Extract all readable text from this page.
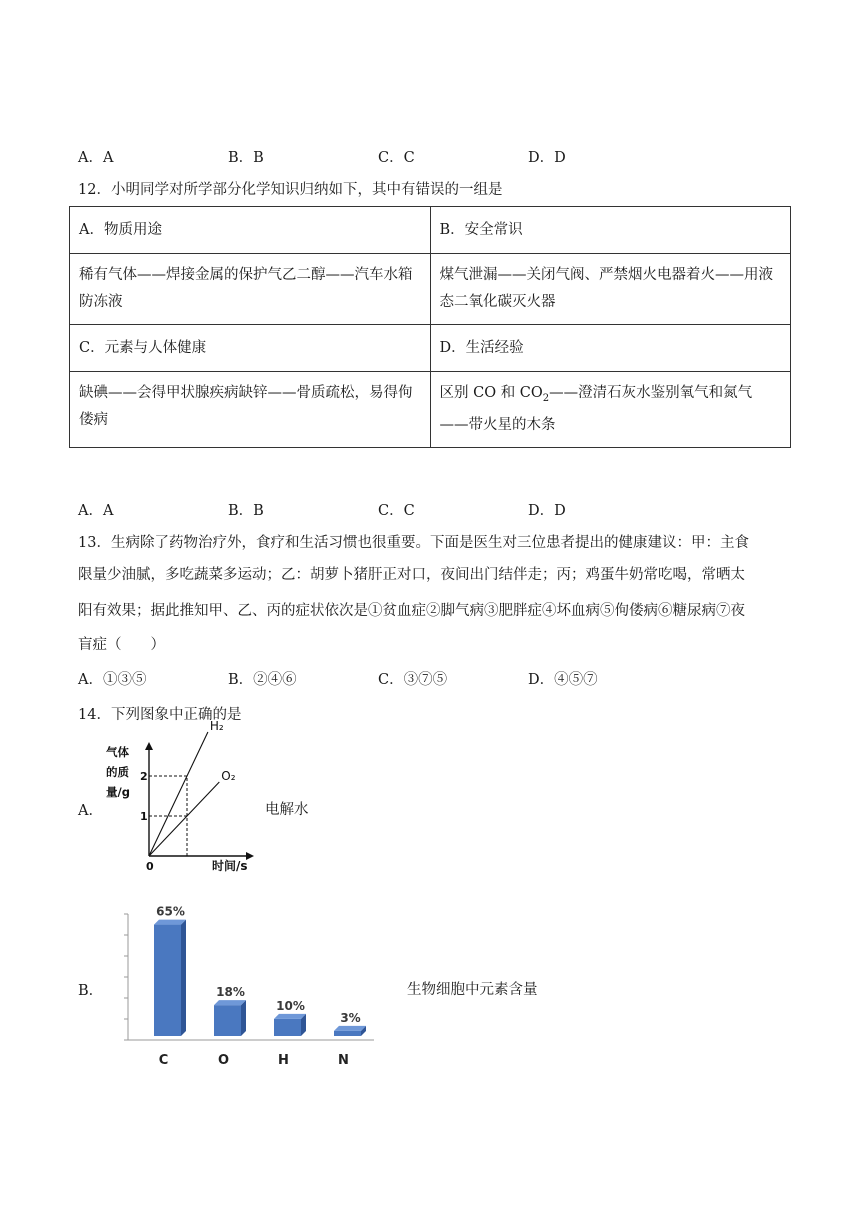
A．A	B．B	C．C	D．D
12．小明同学对所学部分化学知识归纳如下，其中有错误的一组是
A．物质用途	B．安全常识
稀有气体——焊接金属的保护气乙二醇——汽车水箱防冻液	煤气泄漏——关闭气阀、严禁烟火电器着火——用液态二氧化碳灭火器
C．元素与人体健康	D．生活经验
缺碘——会得甲状腺疾病缺锌——骨质疏松，易得佝偻病	区别 CO 和 $CO_2——$澄清石灰水鉴别氧气和氮气——带火星的木条
A．A	B．B	C．C	D．D
13．生病除了药物治疗外，食疗和生活习惯也很重要。下面是医生对三位患者提出的健康建议：甲：主食
限量少油腻，多吃蔬菜多运动；乙：胡萝卜猪肝正对口，夜间出门结伴走；丙；鸡蛋牛奶常吃喝，常晒太
阳有效果；据此推知甲、乙、丙的症状依次是①贫血症②脚气病③肥胖症④坏血病⑤佝偻病⑥糖尿病⑦夜
盲症（　　）
A．①③⑤	B．②④⑥	C．③⑦⑤	D．④⑤⑦
14．下列图象中正确的是
A．	电解水
气体
的质
量/g
1
2
H₂
O₂
0	时间/s
B．	生物细胞中元素含量
65%
C
18%
O
10%
H
3%
N
